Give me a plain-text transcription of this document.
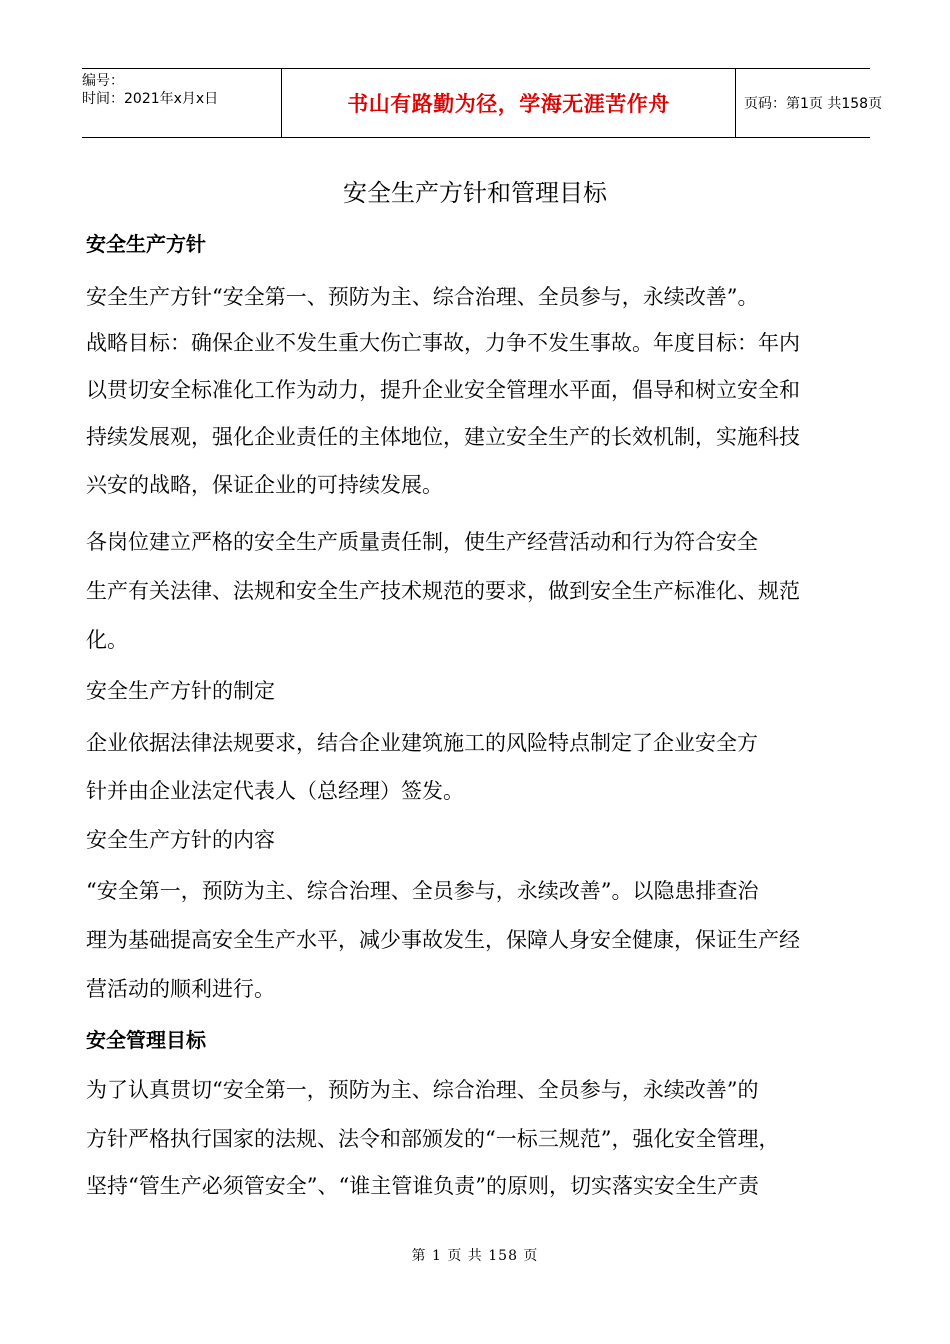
编号：
时间：2021年x月x日	书山有路勤为径，学海无涯苦作舟	页码：第1页 共158页
安全生产方针和管理目标
安全生产方针
安全生产方针“安全第一、预防为主、综合治理、全员参与，永续改善”。
战略目标：确保企业不发生重大伤亡事故，力争不发生事故。年度目标：年内
以贯切安全标准化工作为动力，提升企业安全管理水平面，倡导和树立安全和
持续发展观，强化企业责任的主体地位，建立安全生产的长效机制，实施科技
兴安的战略，保证企业的可持续发展。
各岗位建立严格的安全生产质量责任制，使生产经营活动和行为符合安全
生产有关法律、法规和安全生产技术规范的要求，做到安全生产标准化、规范
化。
安全生产方针的制定
企业依据法律法规要求，结合企业建筑施工的风险特点制定了企业安全方
针并由企业法定代表人（总经理）签发。
安全生产方针的内容
“安全第一，预防为主、综合治理、全员参与，永续改善”。以隐患排查治
理为基础提高安全生产水平，减少事故发生，保障人身安全健康，保证生产经
营活动的顺利进行。
安全管理目标
为了认真贯切“安全第一，预防为主、综合治理、全员参与，永续改善”的
方针严格执行国家的法规、法令和部颁发的“一标三规范”，强化安全管理，
坚持“管生产必须管安全”、“谁主管谁负责”的原则，切实落实安全生产责
第 1 页 共 158 页
